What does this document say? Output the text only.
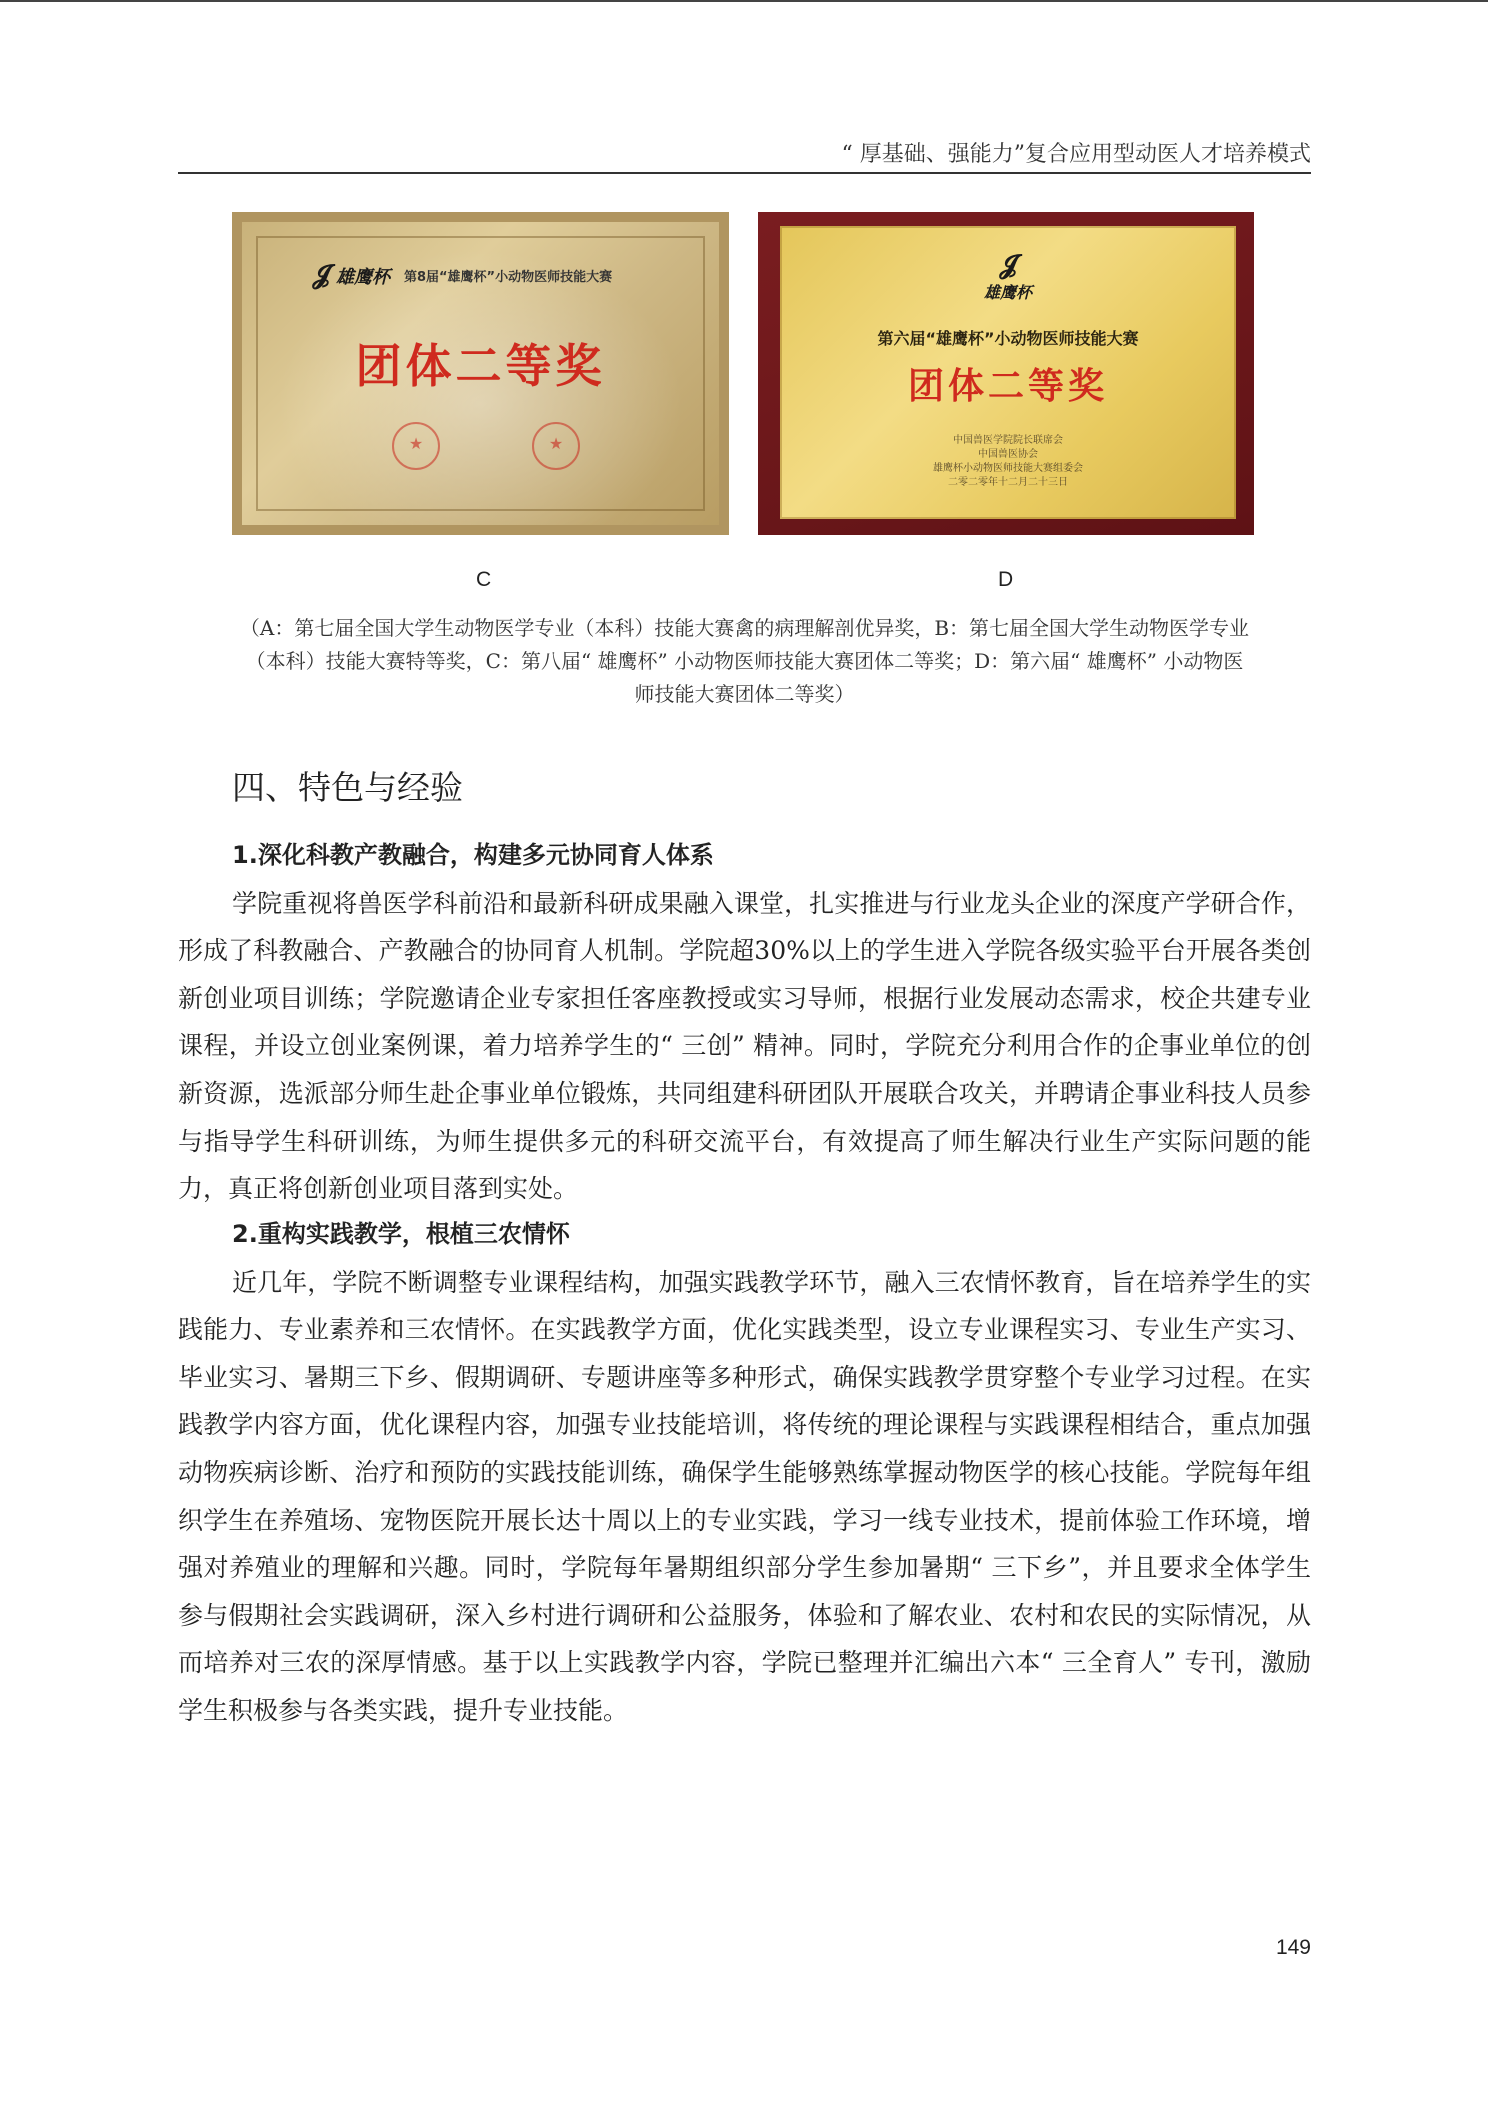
“ 厚基础、强能力”复合应用型动医人才培养模式
𝓙 雄鹰杯 第8届“雄鹰杯”小动物医师技能大赛
团体二等奖
★
★
𝓙
雄鹰杯
第六届“雄鹰杯”小动物医师技能大赛
团体二等奖
中国兽医学院院长联席会
中国兽医协会
雄鹰杯小动物医师技能大赛组委会
二零二零年十二月二十三日
C	D
（A：第七届全国大学生动物医学专业（本科）技能大赛禽的病理解剖优异奖，B：第七届全国大学生动物医学专业
（本科）技能大赛特等奖，C：第八届“ 雄鹰杯” 小动物医师技能大赛团体二等奖；D：第六届“ 雄鹰杯” 小动物医
师技能大赛团体二等奖）
四、特色与经验
1.深化科教产教融合，构建多元协同育人体系
学院重视将兽医学科前沿和最新科研成果融入课堂，扎实推进与行业龙头企业的深度产学研合作，形成了科教融合、产教融合的协同育人机制。学院超30%以上的学生进入学院各级实验平台开展各类创新创业项目训练；学院邀请企业专家担任客座教授或实习导师，根据行业发展动态需求，校企共建专业课程，并设立创业案例课，着力培养学生的“ 三创” 精神。同时，学院充分利用合作的企事业单位的创新资源，选派部分师生赴企事业单位锻炼，共同组建科研团队开展联合攻关，并聘请企事业科技人员参与指导学生科研训练，为师生提供多元的科研交流平台，有效提高了师生解决行业生产实际问题的能力，真正将创新创业项目落到实处。
2.重构实践教学，根植三农情怀
近几年，学院不断调整专业课程结构，加强实践教学环节，融入三农情怀教育，旨在培养学生的实践能力、专业素养和三农情怀。在实践教学方面，优化实践类型，设立专业课程实习、专业生产实习、毕业实习、暑期三下乡、假期调研、专题讲座等多种形式，确保实践教学贯穿整个专业学习过程。在实践教学内容方面，优化课程内容，加强专业技能培训，将传统的理论课程与实践课程相结合，重点加强动物疾病诊断、治疗和预防的实践技能训练，确保学生能够熟练掌握动物医学的核心技能。学院每年组织学生在养殖场、宠物医院开展长达十周以上的专业实践，学习一线专业技术，提前体验工作环境，增强对养殖业的理解和兴趣。同时，学院每年暑期组织部分学生参加暑期“ 三下乡”，并且要求全体学生参与假期社会实践调研，深入乡村进行调研和公益服务，体验和了解农业、农村和农民的实际情况，从而培养对三农的深厚情感。基于以上实践教学内容，学院已整理并汇编出六本“ 三全育人” 专刊，激励学生积极参与各类实践，提升专业技能。
149
